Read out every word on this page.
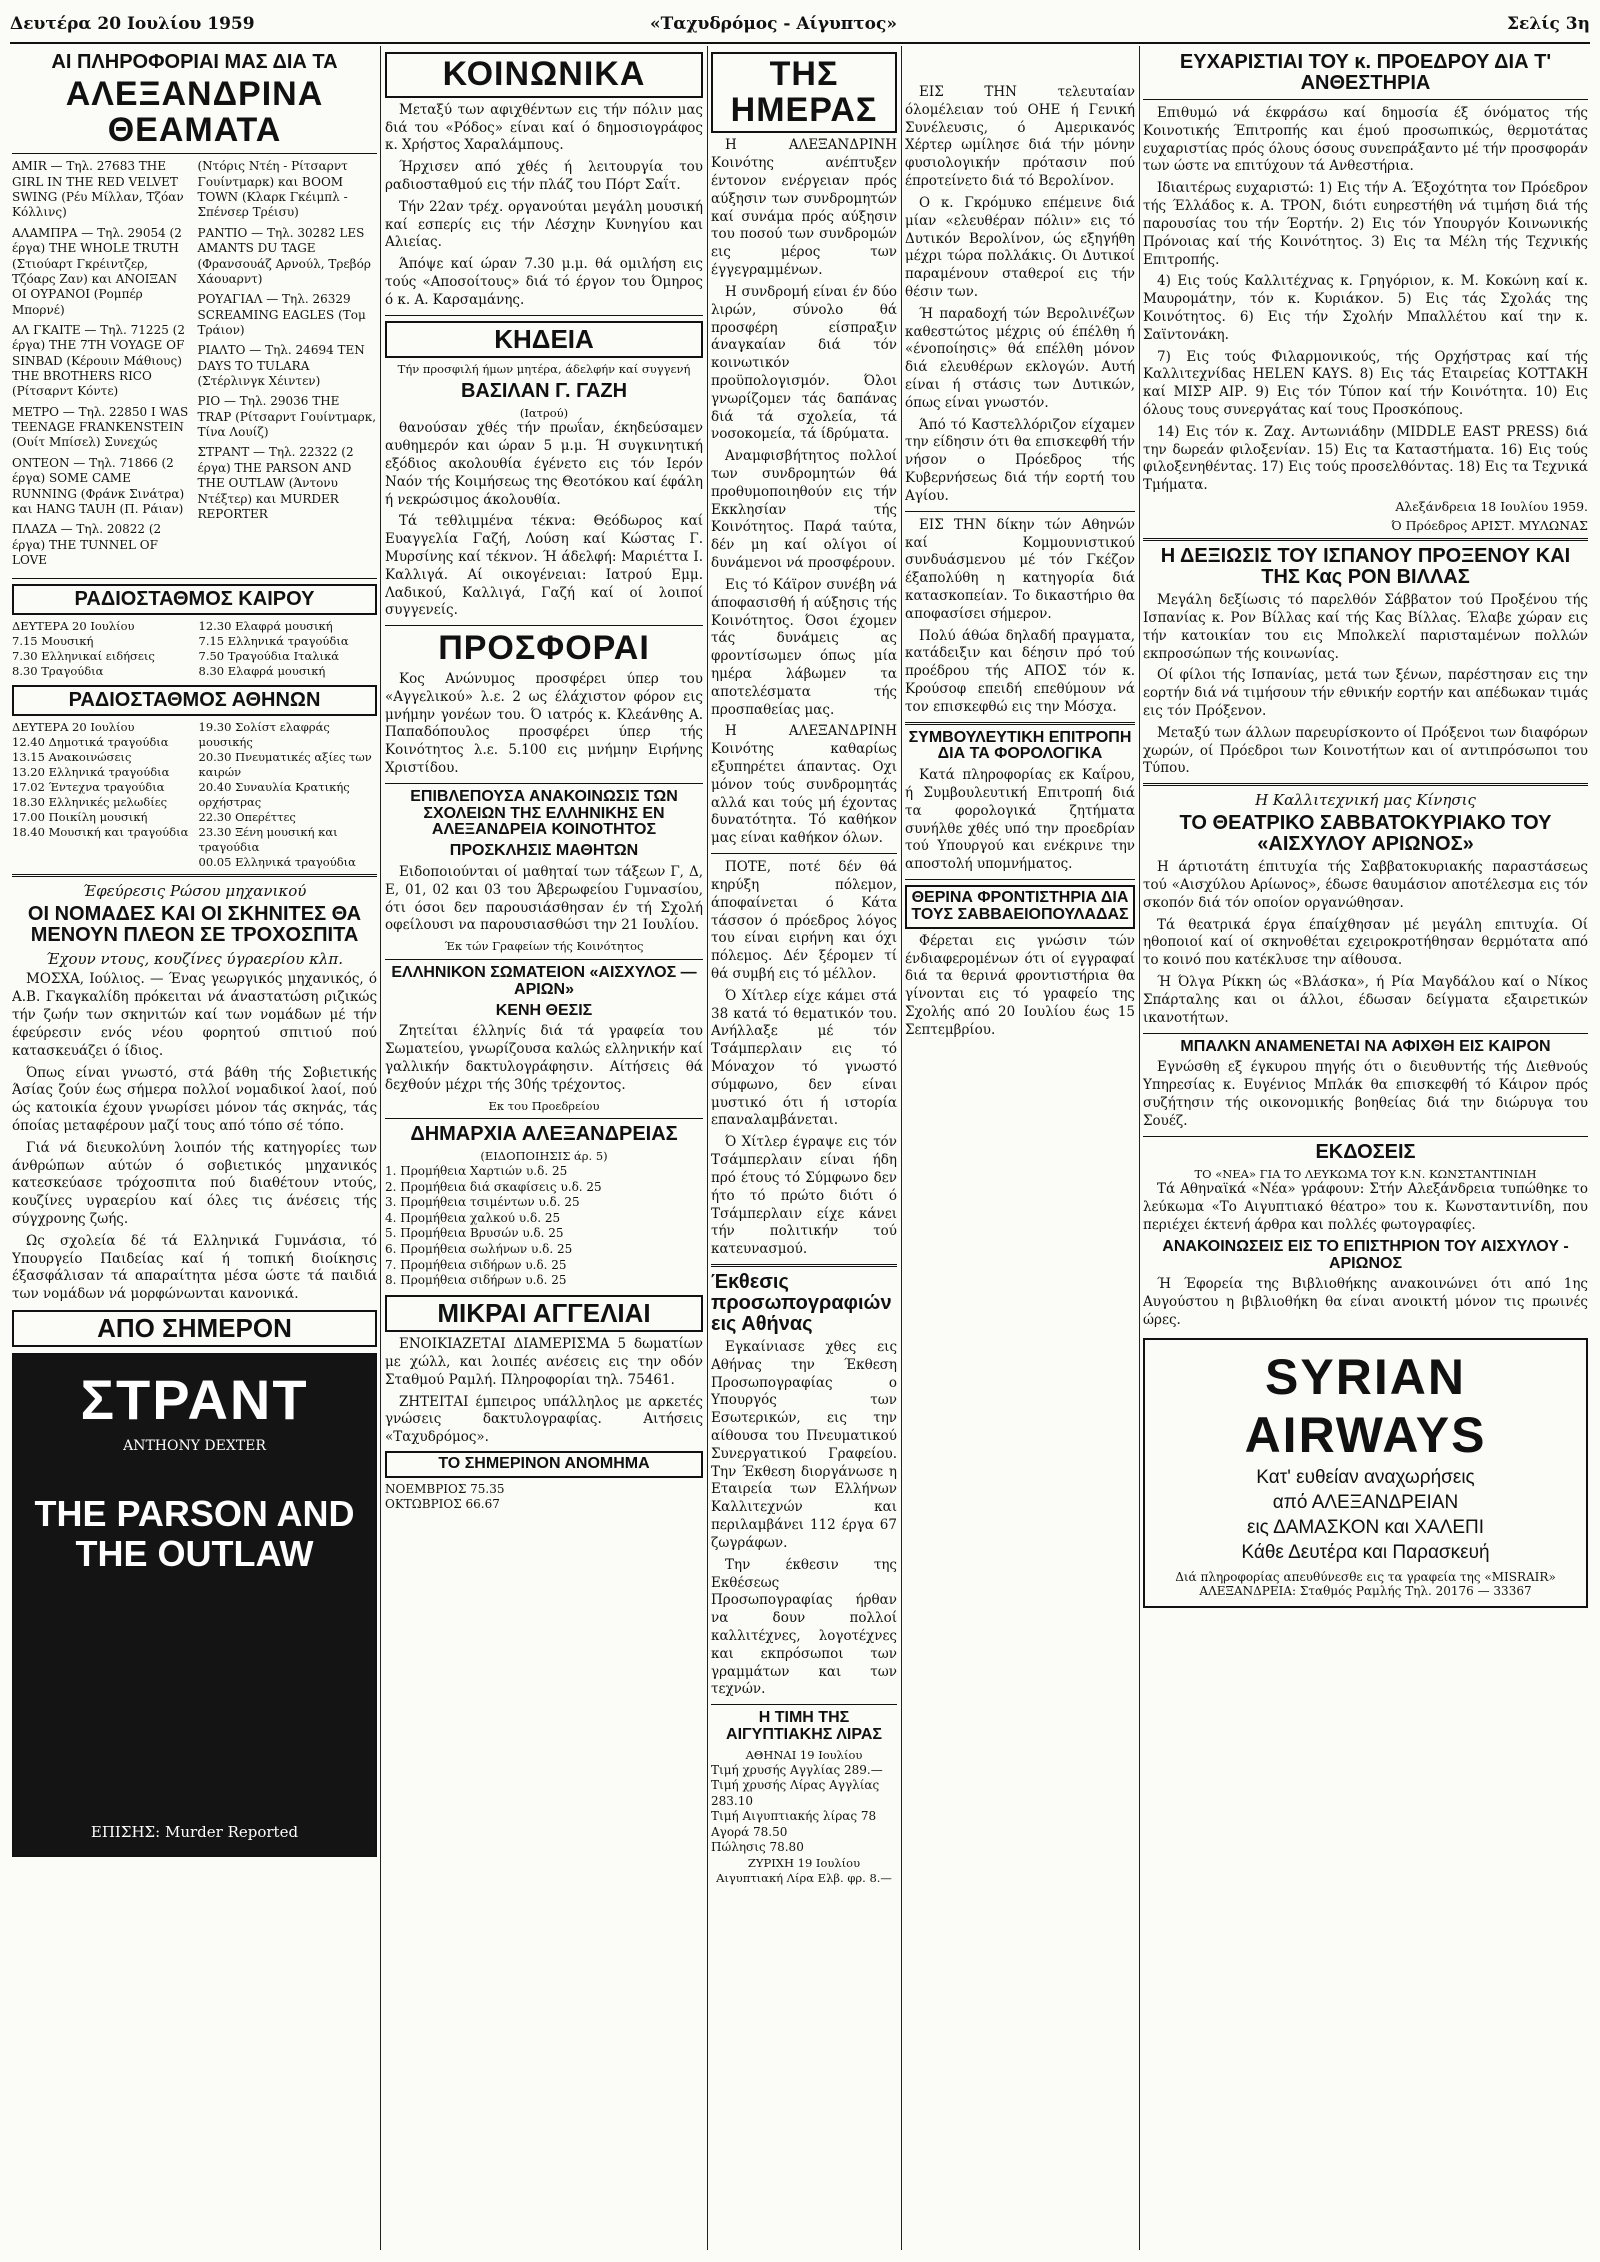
Δευτέρα 20 Ιουλίου 1959	«Ταχυδρόμος - Αίγυπτος»	Σελίς 3η
ΑΙ ΠΛΗΡΟΦΟΡΙΑΙ ΜΑΣ ΔΙΑ ΤΑ
ΑΛΕΞΑΝΔΡΙΝΑ ΘΕΑΜΑΤΑ
AMIR — Τηλ. 27683 THE GIRL IN THE RED VELVET SWING (Ρέυ Μίλλαν, Τζόαν Κόλλινς)
ΑΛΑΜΠΡΑ — Τηλ. 29054 (2 έργα) THE WHOLE TRUTH (Στιούαρτ Γκρέιντζερ, Τζόαρς Ζαν) και ΑΝΟΙΞΑΝ ΟΙ ΟΥΡΑΝΟΙ (Ρομπέρ Μπορνέ)
ΑΛ ΓΚΑΙΤΕ — Τηλ. 71225 (2 έργα) THE 7TH VOYAGE OF SINBAD (Κέρουιν Μάθιους) THE BROTHERS RICO (Ρίτσαρντ Κόντε)
ΜΕΤΡΟ — Τηλ. 22850 I WAS TEENAGE FRANKENSTEIN (Ουίτ Μπίσελ) Συνεχώς
ΟΝΤΕΟΝ — Τηλ. 71866 (2 έργα) SOME CAME RUNNING (Φράνκ Σινάτρα) και HANG TAUH (Π. Ράιαν)
ΠΛΑΖΑ — Τηλ. 20822 (2 έργα) THE TUNNEL OF LOVE
(Ντόρις Ντέη - Ρίτσαρντ Γουίντμαρκ) και BOOM TOWN (Κλαρκ Γκέιμπλ - Σπένσερ Τρέισυ)
ΡΑΝΤΙΟ — Τηλ. 30282 LES AMANTS DU TAGE (Φρανσουάζ Αρνούλ, Τρεβόρ Χάουαρντ)
ΡΟΥΑΓΙΑΛ — Τηλ. 26329 SCREAMING EAGLES (Τομ Τράιον)
ΡΙΑΛΤΟ — Τηλ. 24694 TEN DAYS TO TULARA (Στέρλινγκ Χέιντεν)
ΡΙΟ — Τηλ. 29036 THE TRAP (Ρίτσαρντ Γουίντμαρκ, Τίνα Λουίζ)
ΣΤΡΑΝΤ — Τηλ. 22322 (2 έργα) THE PARSON AND THE OUTLAW (Άντονυ Ντέξτερ) και MURDER REPORTER
ΡΑΔΙΟΣΤΑΘΜΟΣ ΚΑΙΡΟΥ
ΔΕΥΤΕΡΑ 20 Ιουλίου
7.15 Μουσική
7.30 Ελληνικαί ειδήσεις
8.30 Τραγούδια
12.30 Ελαφρά μουσική
7.15 Ελληνικά τραγούδια
7.50 Τραγούδια Ιταλικά
8.30 Ελαφρά μουσική
ΡΑΔΙΟΣΤΑΘΜΟΣ ΑΘΗΝΩΝ
ΔΕΥΤΕΡΑ 20 Ιουλίου
12.40 Δημοτικά τραγούδια
13.15 Ανακοινώσεις
13.20 Ελληνικά τραγούδια
17.02 Έντεχνα τραγούδια
18.30 Ελληνικές μελωδίες
17.00 Ποικίλη μουσική
18.40 Μουσική και τραγούδια
19.30 Σολίστ ελαφράς μουσικής
20.30 Πνευματικές αξίες των καιρών
20.40 Συναυλία Κρατικής ορχήστρας
22.30 Οπερέττες
23.30 Ξένη μουσική και τραγούδια
00.05 Ελληνικά τραγούδια
Έφεύρεσις Ρώσου μηχανικού
ΟΙ ΝΟΜΑΔΕΣ ΚΑΙ ΟΙ ΣΚΗΝΙΤΕΣ ΘΑ ΜΕΝΟΥΝ ΠΛΕΟΝ ΣΕ ΤΡΟΧΟΣΠΙΤΑ
Έχουν ντους, κουζίνες ύγραερίου κλπ.

ΜΟΣΧΑ, Ιούλιος. — Ένας γεωργικός μηχανικός, ό Α.Β. Γκαγκαλίδη πρόκειται νά άναστατώση ριζικώς τήν ζωήν των σκηνιτών καί των νομάδων μέ τήν έφεύρεσιν ενός νέου φορητού σπιτιού πού κατασκευάζει ό ίδιος.

Όπως είναι γνωστό, στά βάθη τής Σοβιετικής Άσίας ζούν έως σήμερα πολλοί νομαδικοί λαοί, πού ώς κατοικία έχουν γνωρίσει μόνον τάς σκηνάς, τάς όποίας μεταφέρουν μαζί τους από τόπο σέ τόπο.

Γιά νά διευκολύνη λοιπόν τής κατηγορίες των άνθρώπων αύτών ό σοβιετικός μηχανικός κατεσκεύασε τρόχοσπιτα πού διαθέτουν ντούς, κουζίνες υγραερίου καί όλες τις άνέσεις τής σύγχρονης ζωής.

Ως σχολεία δέ τά Ελληνικά Γυμνάσια, τό Υπουργείο Παιδείας καί ή τοπική διοίκησις έξασφάλισαν τά απαραίτητα μέσα ώστε τά παιδιά των νομάδων νά μορφώνωνται κανονικά.

ΑΠΟ ΣΗΜΕΡΟΝ
ΣΤΡΑΝΤ
ANTHONY DEXTER
THE PARSON AND THE OUTLAW
ΕΠΙΣΗΣ: Murder Reported
ΚΟΙΝΩΝΙΚΑ

Μεταξύ των αφιχθέντων εις τήν πόλιν μας διά του «Ρόδος» είναι καί ό δημοσιογράφος κ. Χρήστος Χαραλάμπους.

Ήρχισεν από χθές ή λειτουργία του ραδιοσταθμού εις τήν πλάζ του Πόρτ Σαΐτ.

Τήν 22αν τρέχ. οργανούται μεγάλη μουσική καί εσπερίς εις τήν Λέσχην Κυνηγίου και Αλιείας.

Άπόψε καί ώραν 7.30 μ.μ. θά ομιλήση εις τούς «Αποσοίτους» διά τό έργον του Όμηρος ό κ. Α. Καρσαμάνης.

ΚΗΔΕΙΑ
Τήν προσφιλή ήμων μητέρα, άδελφήν καί συγγενή
ΒΑΣΙΛΑΝ Γ. ΓΑΖΗ
(Ιατρού)

θανούσαν χθές τήν πρωΐαν, έκηδεύσαμεν αυθημερόν και ώραν 5 μ.μ. Ή συγκινητική εξόδιος ακολουθία έγένετο εις τόν Ιερόν Ναόν τής Κοιμήσεως της Θεοτόκου καί έφάλη ή νεκρώσιμος άκολουθία.

Τά τεθλιμμένα τέκνα: Θεόδωρος καί Ευαγγελία Γαζή, Λούση καί Κώστας Γ. Μυρσίνης καί τέκνον. Ή άδελφή: Μαριέττα Ι. Καλλιγά. Αί οικογένειαι: Ιατρού Εμμ. Λαδικού, Καλλιγά, Γαζή καί οί λοιποί συγγενείς.

ΠΡΟΣΦΟΡΑΙ

Κος Ανώνυμος προσφέρει ύπερ του «Αγγελικού» λ.ε. 2 ως έλάχιστον φόρον εις μνήμην γονέων του. Ό ιατρός κ. Κλεάνθης Α. Παπαδόπουλος προσφέρει ύπερ τής Κοινότητος λ.ε. 5.100 εις μνήμην Ειρήνης Χριστίδου.

ΕΠΙΒΛΕΠΟΥΣΑ ΑΝΑΚΟΙΝΩΣΙΣ ΤΩΝ ΣΧΟΛΕΙΩΝ ΤΗΣ ΕΛΛΗΝΙΚΗΣ ΕΝ ΑΛΕΞΑΝΔΡΕΙΑ ΚΟΙΝΟΤΗΤΟΣ
ΠΡΟΣΚΛΗΣΙΣ ΜΑΘΗΤΩΝ

Ειδοποιούνται οί μαθηταί των τάξεων Γ, Δ, Ε, 01, 02 και 03 του Άβερωφείου Γυμνασίου, ότι όσοι δεν παρουσιάσθησαν έν τή Σχολή οφείλουσι να παρουσιασθώσι την 21 Ιουλίου.

Έκ τών Γραφείων τής Κοινότητος
ΕΛΛΗΝΙΚΟΝ ΣΩΜΑΤΕΙΟΝ «ΑΙΣΧΥΛΟΣ — ΑΡΙΩΝ»
ΚΕΝΗ ΘΕΣΙΣ

Ζητείται έλληνίς διά τά γραφεία του Σωματείου, γνωρίζουσα καλώς ελληνικήν καί γαλλικήν δακτυλογράφησιν. Αίτήσεις θά δεχθούν μέχρι τής 30ής τρέχοντος.

Εκ του Προεδρείου
ΔΗΜΑΡΧΙΑ ΑΛΕΞΑΝΔΡΕΙΑΣ
(ΕΙΔΟΠΟΙΗΣΙΣ άρ. 5)
1. Προμήθεια Χαρτιών υ.δ. 25
2. Προμήθεια διά σκαφίσεις υ.δ. 25
3. Προμήθεια τσιμέντων υ.δ. 25
4. Προμήθεια χαλκού υ.δ. 25
5. Προμήθεια Βρυσών υ.δ. 25
6. Προμήθεια σωλήνων υ.δ. 25
7. Προμήθεια σιδήρων υ.δ. 25
8. Προμήθεια σιδήρων υ.δ. 25
ΜΙΚΡΑΙ ΑΓΓΕΛΙΑΙ

ΕΝΟΙΚΙΑΖΕΤΑΙ ΔΙΑΜΕΡΙΣΜΑ 5 δωματίων με χώλλ, και λοιπές ανέσεις εις την οδόν Σταθμού Ραμλή. Πληροφορίαι τηλ. 75461.

ΖΗΤΕΙΤΑΙ έμπειρος υπάλληλος με αρκετές γνώσεις δακτυλογραφίας. Αιτήσεις «Ταχυδρόμος».

ΤΟ ΣΗΜΕΡΙΝΟΝ ΑΝΟΜΗΜΑ
ΝΟΕΜΒΡΙΟΣ 75.35
ΟΚΤΩΒΡΙΟΣ 66.67
ΤΗΣ ΗΜΕΡΑΣ

Η ΑΛΕΞΑΝΔΡΙΝΗ Κοινότης ανέπτυξεν έντονον ενέργειαν πρός αύξησιν των συνδρομητών καί συνάμα πρός αύξησιν του ποσού των συνδρομών εις μέρος των έγγεγραμμένων.

Η συνδρομή είναι έν δύο λιρών, σύνολο θά προσφέρη είσπραξιν άναγκαίαν διά τόν κοινωτικόν προϋπολογισμόν. Όλοι γνωρίζομεν τάς δαπάνας διά τά σχολεία, τά νοσοκομεία, τά ίδρύματα.

Αναμφισβήτητος πολλοί των συνδρομητών θά προθυμοποιηθούν εις τήν Εκκλησίαν τής Κοινότητος. Παρά ταύτα, δέν μη καί ολίγοι οί δυνάμενοι νά προσφέρουν.

Εις τό Κάϊρον συνέβη νά άποφασισθή ή αύξησις τής Κοινότητος. Όσοι έχομεν τάς δυνάμεις ας φροντίσωμεν όπως μία ημέρα λάβωμεν τα αποτελέσματα τής προσπαθείας μας.

Η ΑΛΕΞΑΝΔΡΙΝΗ Κοινότης καθαρίως εξυπηρέτει άπαντας. Οχι μόνον τούς συνδρομητάς αλλά και τούς μή έχοντας δυνατότητα. Τό καθήκον μας είναι καθήκον όλων.

ΠΟΤΕ, ποτέ δέν θά κηρύξη πόλεμον, άποφαίνεται ό Κάτα τάσσον ό πρόεδρος λόγος του είναι ειρήνη και όχι πόλεμος. Δέν ξέρομεν τί θά συμβή εις τό μέλλον.

Ό Χίτλερ είχε κάμει στά 38 κατά τό θεματικόν του. Ανήλλαξε μέ τόν Τσάμπερλαιν εις τό Μόναχον τό γνωστό σύμφωνο, δεν είναι μυστικό ότι ή ιστορία επαναλαμβάνεται.

Ό Χίτλερ έγραψε εις τόν Τσάμπερλαιν είναι ήδη πρό έτους τό Σύμφωνο δεν ήτο τό πρώτο διότι ό Τσάμπερλαιν είχε κάνει τήν πολιτικήν τού κατευνασμού.

Έκθεσις προσωπογραφιών εις Αθήνας

Εγκαίνιασε χθες εις Αθήνας την Έκθεση Προσωπογραφίας ο Υπουργός των Εσωτερικών, εις την αίθουσα του Πνευματικού Συνεργατικού Γραφείου. Την Έκθεση διοργάνωσε η Εταιρεία των Ελλήνων Καλλιτεχνών και περιλαμβάνει 112 έργα 67 ζωγράφων.

Την έκθεσιν της Εκθέσεως Προσωπογραφίας ήρθαν να δουν πολλοί καλλιτέχνες, λογοτέχνες και εκπρόσωποι των γραμμάτων και των τεχνών.

Η ΤΙΜΗ ΤΗΣ ΑΙΓΥΠΤΙΑΚΗΣ ΛΙΡΑΣ
ΑΘΗΝΑΙ 19 Ιουλίου
Τιμή χρυσής Αγγλίας 289.—
Τιμή χρυσής Λίρας Αγγλίας 283.10
Τιμή Αιγυπτιακής λίρας 78
Αγορά 78.50
Πώλησις 78.80
ΖΥΡΙΧΗ 19 Ιουλίου
Αιγυπτιακή Λίρα Ελβ. φρ. 8.—

ΕΙΣ ΤΗΝ τελευταίαν όλομέλειαν τού ΟΗΕ ή Γενική Συνέλευσις, ό Αμερικανός Χέρτερ ωμίλησε διά τήν μόνην φυσιολογικήν πρότασιν πού έπροτείνετο διά τό Βερολίνον.

Ο κ. Γκρόμυκο επέμεινε διά μίαν «ελευθέραν πόλιν» εις τό Δυτικόν Βερολίνον, ώς εξηγήθη μέχρι τώρα πολλάκις. Οι Δυτικοί παραμένουν σταθεροί εις τήν θέσιν των.

Ή παραδοχή τών Βερολινέζων καθεστώτος μέχρις ού έπέλθη ή «ένοποίησις» θά επέλθη μόνον διά ελευθέρων εκλογών. Αυτή είναι ή στάσις των Δυτικών, όπως είναι γνωστόν.

Άπό τό Καστελλόριζον είχαμεν την είδησιν ότι θα επισκεφθή τήν νήσον ο Πρόεδρος τής Κυβερνήσεως διά τήν εορτή του Αγίου.

ΕΙΣ ΤΗΝ δίκην τών Αθηνών καί Κομμουνιστικού συνδυάσμενου μέ τόν Γκέζον έξαπολύθη η κατηγορία διά κατασκοπείαν. Το δικαστήριο θα αποφασίσει σήμερον.

Πολύ άθώα δηλαδή πραγματα, κατάδειξιν και δέησιν πρό τού προέδρου τής ΑΠΟΣ τόν κ. Κρούσοφ επειδή επεθύμουν νά τον επισκεφθώ εις την Μόσχα.

ΣΥΜΒΟΥΛΕΥΤΙΚΗ ΕΠΙΤΡΟΠΗ ΔΙΑ ΤΑ ΦΟΡΟΛΟΓΙΚΑ

Κατά πληροφορίας εκ Καΐρου, ή Συμβουλευτική Επιτροπή διά τα φορολογικά ζητήματα συνήλθε χθές υπό την προεδρίαν τού Υπουργού και ενέκρινε την αποστολή υπομνήματος.

ΘΕΡΙΝΑ ΦΡΟΝΤΙΣΤΗΡΙΑ ΔΙΑ ΤΟΥΣ ΣΑΒΒΑΕΙΟΠΟΥΛΑΔΑΣ

Φέρεται εις γνώσιν τών ένδιαφερομένων ότι οί εγγραφαί διά τα θερινά φροντιστήρια θα γίνονται εις τό γραφείο της Σχολής από 20 Ιουλίου έως 15 Σεπτεμβρίου.

ΕΥΧΑΡΙΣΤΙΑΙ ΤΟΥ κ. ΠΡΟΕΔΡΟΥ ΔΙΑ Τ' ΑΝΘΕΣΤΗΡΙΑ

Επιθυμώ νά έκφράσω καί δημοσία έξ όνόματος τής Κοινοτικής Έπιτροπής και έμού προσωπικώς, θερμοτάτας ευχαριστίας πρός όλους όσους συνεπράξαντο μέ τήν προσφοράν των ώστε να επιτύχουν τά Ανθεστήρια.

Ιδιαιτέρως ευχαριστώ: 1) Εις τήν Α. Έξοχότητα τον Πρόεδρον τής Έλλάδος κ. Α. ΤΡΟΝ, διότι ευηρεστήθη νά τιμήση διά τής παρουσίας του τήν Έορτήν. 2) Εις τόν Υπουργόν Κοινωνικής Πρόνοιας καί τής Κοινότητος. 3) Εις τα Μέλη τής Τεχνικής Επιτροπής.

4) Εις τούς Καλλιτέχνας κ. Γρηγόριον, κ. Μ. Κοκώνη καί κ. Μαυρομάτην, τόν κ. Κυριάκον. 5) Εις τάς Σχολάς της Κοινότητος. 6) Εις τήν Σχολήν Μπαλλέτου καί την κ. Σαϊντονάκη.

7) Εις τούς Φιλαρμονικούς, τής Ορχήστρας καί τής Καλλιτεχνίδας HELEN KAYS. 8) Εις τάς Εταιρείας ΚΟΤΤΑΚΗ καί ΜΙΣΡ ΑΙΡ. 9) Εις τόν Τύπον καί τήν Κοινότητα. 10) Εις όλους τους συνεργάτας καί τους Προσκόπους.

14) Εις τόν κ. Ζαχ. Αντωνιάδην (MIDDLE EAST PRESS) διά την δωρεάν φιλοξενίαν. 15) Εις τα Καταστήματα. 16) Εις τούς φιλοξενηθέντας. 17) Εις τούς προσελθόντας. 18) Εις τα Τεχνικά Τμήματα.

Αλεξάνδρεια 18 Ιουλίου 1959.
Ό Πρόεδρος ΑΡΙΣΤ. ΜΥΛΩΝΑΣ
Η ΔΕΞΙΩΣΙΣ ΤΟΥ ΙΣΠΑΝΟΥ ΠΡΟΞΕΝΟΥ ΚΑΙ ΤΗΣ Κας ΡΟΝ ΒΙΛΛΑΣ

Μεγάλη δεξίωσις τό παρελθόν Σάββατον τού Προξένου τής Ισπανίας κ. Ρον Βίλλας καί τής Κας Βίλλας. Έλαβε χώραν εις τήν κατοικίαν του εις Μπολκελί παρισταμένων πολλών εκπροσώπων τής κοινωνίας.

Οί φίλοι τής Ισπανίας, μετά των ξένων, παρέστησαν εις την εορτήν διά νά τιμήσουν τήν εθνικήν εορτήν και απέδωκαν τιμάς εις τόν Πρόξενον.

Μεταξύ των άλλων παρευρίσκοντο οί Πρόξενοι των διαφόρων χωρών, οί Πρόεδροι των Κοινοτήτων και οί αντιπρόσωποι του Τύπου.

Η Καλλιτεχνική μας Κίνησις
ΤΟ ΘΕΑΤΡΙΚΟ ΣΑΒΒΑΤΟΚΥΡΙΑΚΟ ΤΟΥ «ΑΙΣΧΥΛΟΥ ΑΡΙΩΝΟΣ»

Η άρτιοτάτη έπιτυχία τής Σαββατοκυριακής παραστάσεως τού «Αισχύλου Αρίωνος», έδωσε θαυμάσιον αποτέλεσμα εις τόν σκοπόν διά τόν οποίον οργανώθησαν.

Τά θεατρικά έργα έπαίχθησαν μέ μεγάλη επιτυχία. Οί ηθοποιοί καί οί σκηνοθέται εχειροκροτήθησαν θερμότατα από το κοινό που κατέκλυσε την αίθουσα.

Ή Όλγα Ρίκκη ώς «Βλάσκα», ή Ρία Μαγδάλου καί ο Νίκος Σπάρταλης και οι άλλοι, έδωσαν δείγματα εξαιρετικών ικανοτήτων.

ΜΠΑΛΚΝ ΑΝΑΜΕΝΕΤΑΙ ΝΑ ΑΦΙΧΘΗ ΕΙΣ ΚΑΙΡΟΝ

Εγνώσθη εξ έγκυρου πηγής ότι ο διευθυντής τής Διεθνούς Υπηρεσίας κ. Ευγένιος Μπλάκ θα επισκεφθή τό Κάιρον πρός συζήτησιν τής οικονομικής βοηθείας διά την διώρυγα του Σουέζ.

ΕΚΔΟΣΕΙΣ
ΤΟ «ΝΕΑ» ΓΙΑ ΤΟ ΛΕΥΚΩΜΑ ΤΟΥ Κ.Ν. ΚΩΝΣΤΑΝΤΙΝΙΔΗ

Τά Αθηναϊκά «Νέα» γράφουν: Στήν Αλεξάνδρεια τυπώθηκε το λεύκωμα «Το Αιγυπτιακό θέατρο» του κ. Κωνσταντινίδη, που περιέχει έκτενή άρθρα και πολλές φωτογραφίες.

ΑΝΑΚΟΙΝΩΣΕΙΣ ΕΙΣ ΤΟ ΕΠΙΣΤΗΡΙΟΝ ΤΟΥ ΑΙΣΧΥΛΟΥ - ΑΡΙΩΝΟΣ

Ή Έφορεία της Βιβλιοθήκης ανακοινώνει ότι από 1ης Αυγούστου η βιβλιοθήκη θα είναι ανοικτή μόνον τις πρωινές ώρες.

SYRIAN AIRWAYS
Κατ' ευθείαν αναχωρήσεις
από ΑΛΕΞΑΝΔΡΕΙΑΝ
εις ΔΑΜΑΣΚΟΝ και ΧΑΛΕΠΙ
Κάθε Δευτέρα και Παρασκευή
Διά πληροφορίας απευθύνεσθε εις τα γραφεία της «MISRAIR» ΑΛΕΞΑΝΔΡΕΙΑ: Σταθμός Ραμλής Τηλ. 20176 — 33367
